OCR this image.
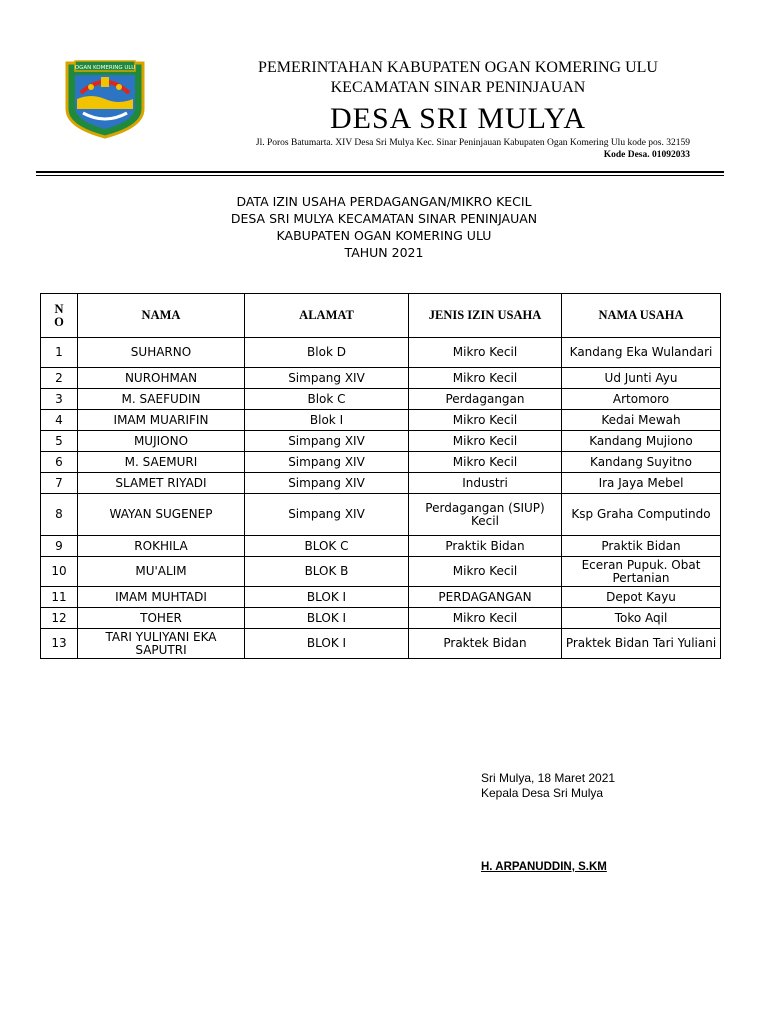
OGAN KOMERING ULU	PEMERINTAHAN KABUPATEN OGAN KOMERING ULU
KECAMATAN SINAR PENINJAUAN
DESA SRI MULYA
Jl. Poros Batumarta. XIV Desa Sri Mulya Kec. Sinar Peninjauan Kabupaten Ogan Komering Ulu kode pos. 32159
Kode Desa. 01092033
DATA IZIN USAHA PERDAGANGAN/MIKRO KECIL
DESA SRI MULYA KECAMATAN SINAR PENINJAUAN
KABUPATEN OGAN KOMERING ULU
TAHUN 2021
N
O	NAMA	ALAMAT	JENIS IZIN USAHA	NAMA USAHA
1	SUHARNO	Blok D	Mikro Kecil	Kandang Eka Wulandari
2	NUROHMAN	Simpang XIV	Mikro Kecil	Ud Junti Ayu
3	M. SAEFUDIN	Blok C	Perdagangan	Artomoro
4	IMAM MUARIFIN	Blok I	Mikro Kecil	Kedai Mewah
5	MUJIONO	Simpang XIV	Mikro Kecil	Kandang Mujiono
6	M. SAEMURI	Simpang XIV	Mikro Kecil	Kandang Suyitno
7	SLAMET RIYADI	Simpang XIV	Industri	Ira Jaya Mebel
8	WAYAN SUGENEP	Simpang XIV	Perdagangan (SIUP) Kecil	Ksp Graha Computindo
9	ROKHILA	BLOK C	Praktik Bidan	Praktik Bidan
10	MU'ALIM	BLOK B	Mikro Kecil	Eceran Pupuk. Obat Pertanian
11	IMAM MUHTADI	BLOK I	PERDAGANGAN	Depot Kayu
12	TOHER	BLOK I	Mikro Kecil	Toko Aqil
13	TARI YULIYANI EKA SAPUTRI	BLOK I	Praktek Bidan	Praktek Bidan Tari Yuliani
Sri Mulya, 18 Maret 2021
Kepala Desa Sri Mulya
H. ARPANUDDIN, S.KM
